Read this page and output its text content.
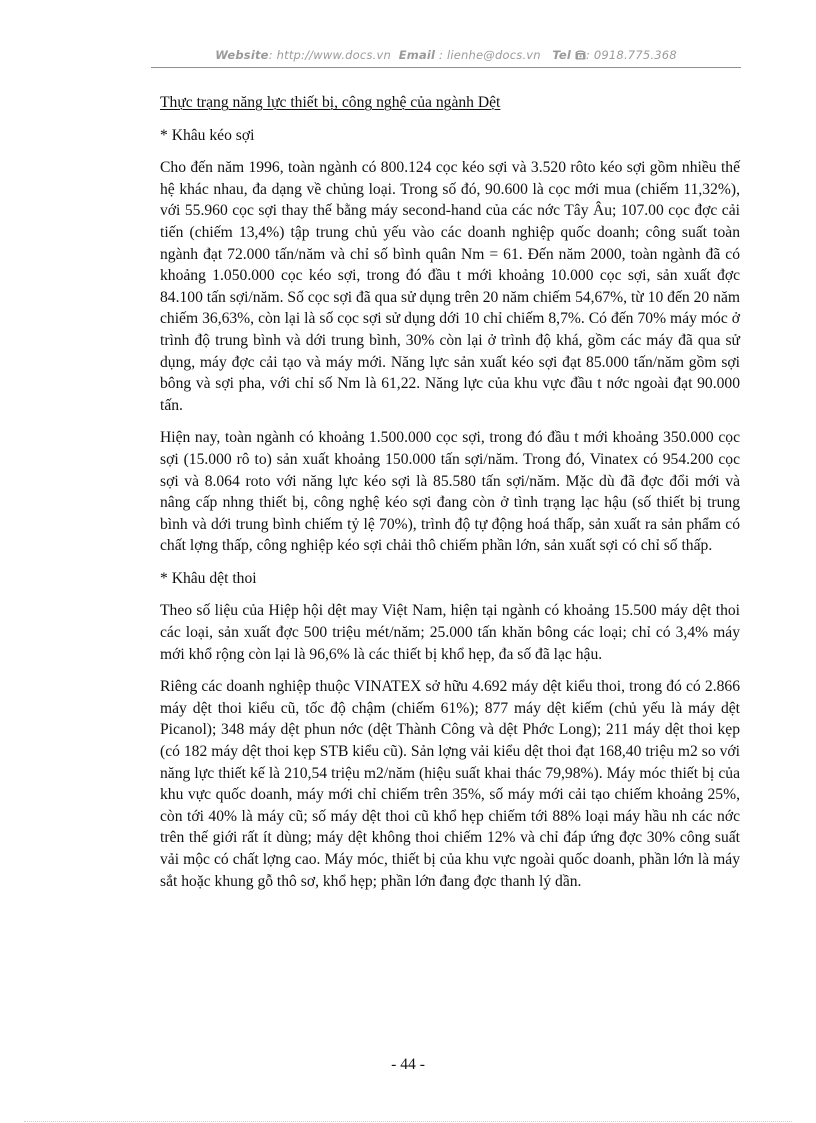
Website: http://www.docs.vn Email : lienhe@docs.vn Tel : 0918.775.368

Thực trạng năng lực thiết bị, công nghệ của ngành Dệt

* Khâu kéo sợi

Cho đến năm 1996, toàn ngành có 800.124 cọc kéo sợi và 3.520 rôto kéo sợi gồm nhiều thế hệ khác nhau, đa dạng về chủng loại. Trong số đó, 90.600 là cọc mới mua (chiếm 11,32%), với 55.960 cọc sợi thay thế bằng máy second-hand của các nớc Tây Âu; 107.00 cọc đợc cải tiến (chiếm 13,4%) tập trung chủ yếu vào các doanh nghiệp quốc doanh; công suất toàn ngành đạt 72.000 tấn/năm và chỉ số bình quân Nm = 61. Đến năm 2000, toàn ngành đã có khoảng 1.050.000 cọc kéo sợi, trong đó đầu t mới khoảng 10.000 cọc sợi, sản xuất đợc 84.100 tấn sợi/năm. Số cọc sợi đã qua sử dụng trên 20 năm chiếm 54,67%, từ 10 đến 20 năm chiếm 36,63%, còn lại là số cọc sợi sử dụng dới 10 chỉ chiếm 8,7%. Có đến 70% máy móc ở trình độ trung bình và dới trung bình, 30% còn lại ở trình độ khá, gồm các máy đã qua sử dụng, máy đợc cải tạo và máy mới. Năng lực sản xuất kéo sợi đạt 85.000 tấn/năm gồm sợi bông và sợi pha, với chỉ số Nm là 61,22. Năng lực của khu vực đầu t nớc ngoài đạt 90.000 tấn.

Hiện nay, toàn ngành có khoảng 1.500.000 cọc sợi, trong đó đầu t mới khoảng 350.000 cọc sợi (15.000 rô to) sản xuất khoảng 150.000 tấn sợi/năm. Trong đó, Vinatex có 954.200 cọc sợi và 8.064 roto với năng lực kéo sợi là 85.580 tấn sợi/năm. Mặc dù đã đợc đổi mới và nâng cấp nhng thiết bị, công nghệ kéo sợi đang còn ở tình trạng lạc hậu (số thiết bị trung bình và dới trung bình chiếm tỷ lệ 70%), trình độ tự động hoá thấp, sản xuất ra sản phẩm có chất lợng thấp, công nghiệp kéo sợi chải thô chiếm phần lớn, sản xuất sợi có chỉ số thấp.

* Khâu dệt thoi

Theo số liệu của Hiệp hội dệt may Việt Nam, hiện tại ngành có khoảng 15.500 máy dệt thoi các loại, sản xuất đợc 500 triệu mét/năm; 25.000 tấn khăn bông các loại; chỉ có 3,4% máy mới khổ rộng còn lại là 96,6% là các thiết bị khổ hẹp, đa số đã lạc hậu.

Riêng các doanh nghiệp thuộc VINATEX sở hữu 4.692 máy dệt kiểu thoi, trong đó có 2.866 máy dệt thoi kiểu cũ, tốc độ chậm (chiếm 61%); 877 máy dệt kiếm (chủ yếu là máy dệt Picanol); 348 máy dệt phun nớc (dệt Thành Công và dệt Phớc Long); 211 máy dệt thoi kẹp (có 182 máy dệt thoi kẹp STB kiểu cũ). Sản lợng vải kiểu dệt thoi đạt 168,40 triệu m2 so với năng lực thiết kế là 210,54 triệu m2/năm (hiệu suất khai thác 79,98%). Máy móc thiết bị của khu vực quốc doanh, máy mới chỉ chiếm trên 35%, số máy mới cải tạo chiếm khoảng 25%, còn tới 40% là máy cũ; số máy dệt thoi cũ khổ hẹp chiếm tới 88% loại máy hầu nh các nớc trên thế giới rất ít dùng; máy dệt không thoi chiếm 12% và chỉ đáp ứng đợc 30% công suất vải mộc có chất lợng cao. Máy móc, thiết bị của khu vực ngoài quốc doanh, phần lớn là máy sắt hoặc khung gỗ thô sơ, khổ hẹp; phần lớn đang đợc thanh lý dần.

- 44 -
